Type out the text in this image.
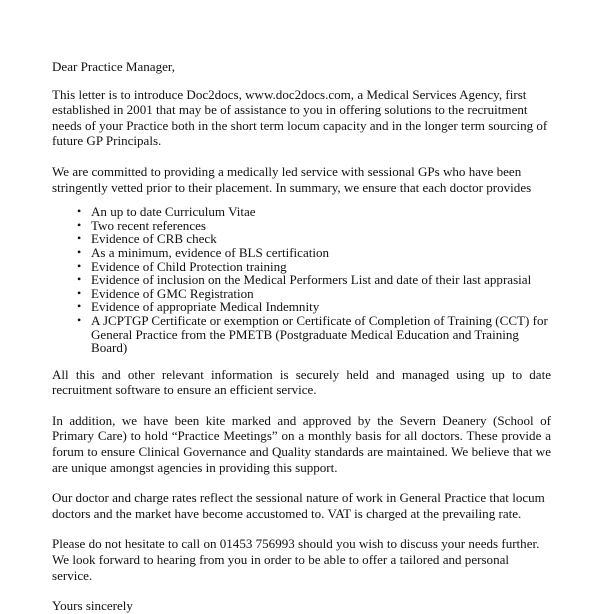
Dear Practice Manager,

This letter is to introduce Doc2docs, www.doc2docs.com, a Medical Services Agency, first established in 2001 that may be of assistance to you in offering solutions to the recruitment needs of your Practice both in the short term locum capacity and in the longer term sourcing of future GP Principals.

We are committed to providing a medically led service with sessional GPs who have been stringently vetted prior to their placement. In summary, we ensure that each doctor provides

• An up to date Curriculum Vitae
• Two recent references
• Evidence of CRB check
• As a minimum, evidence of BLS certification
• Evidence of Child Protection training
• Evidence of inclusion on the Medical Performers List and date of their last apprasial
• Evidence of GMC Registration
• Evidence of appropriate Medical Indemnity
• A JCPTGP Certificate or exemption or Certificate of Completion of Training (CCT) for General Practice from the PMETB (Postgraduate Medical Education and Training Board)

All this and other relevant information is securely held and managed using up to date recruitment software to ensure an efficient service.

In addition, we have been kite marked and approved by the Severn Deanery (School of Primary Care) to hold “Practice Meetings” on a monthly basis for all doctors. These provide a forum to ensure Clinical Governance and Quality standards are maintained. We believe that we are unique amongst agencies in providing this support.

Our doctor and charge rates reflect the sessional nature of work in General Practice that locum doctors and the market have become accustomed to. VAT is charged at the prevailing rate.

Please do not hesitate to call on 01453 756993 should you wish to discuss your needs further. We look forward to hearing from you in order to be able to offer a tailored and personal service.

Yours sincerely
